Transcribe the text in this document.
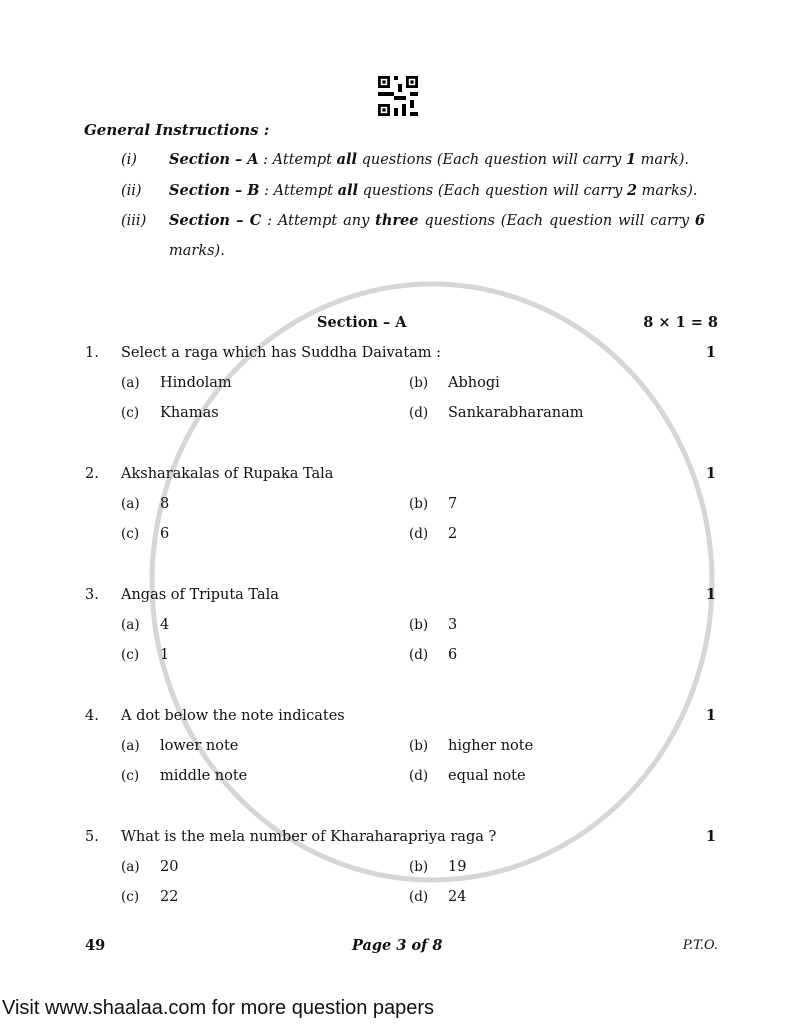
General Instructions :
(i) Section – A : Attempt all questions (Each question will carry 1 mark).
(ii) Section – B : Attempt all questions (Each question will carry 2 marks).
(iii) Section – C : Attempt any three questions (Each question will carry 6 marks).
Section – A	8 × 1 = 8
1. Select a raga which has Suddha Daivatam :	1
(a) Hindolam	(b) Abhogi
(c) Khamas	(d) Sankarabharanam
2. Aksharakalas of Rupaka Tala	1
(a) 8	(b) 7
(c) 6	(d) 2
3. Angas of Triputa Tala	1
(a) 4	(b) 3
(c) 1	(d) 6
4. A dot below the note indicates	1
(a) lower note	(b) higher note
(c) middle note	(d) equal note
5. What is the mela number of Kharaharapriya raga ?	1
(a) 20	(b) 19
(c) 22	(d) 24
49	Page 3 of 8	P.T.O.
Visit www.shaalaa.com for more question papers
